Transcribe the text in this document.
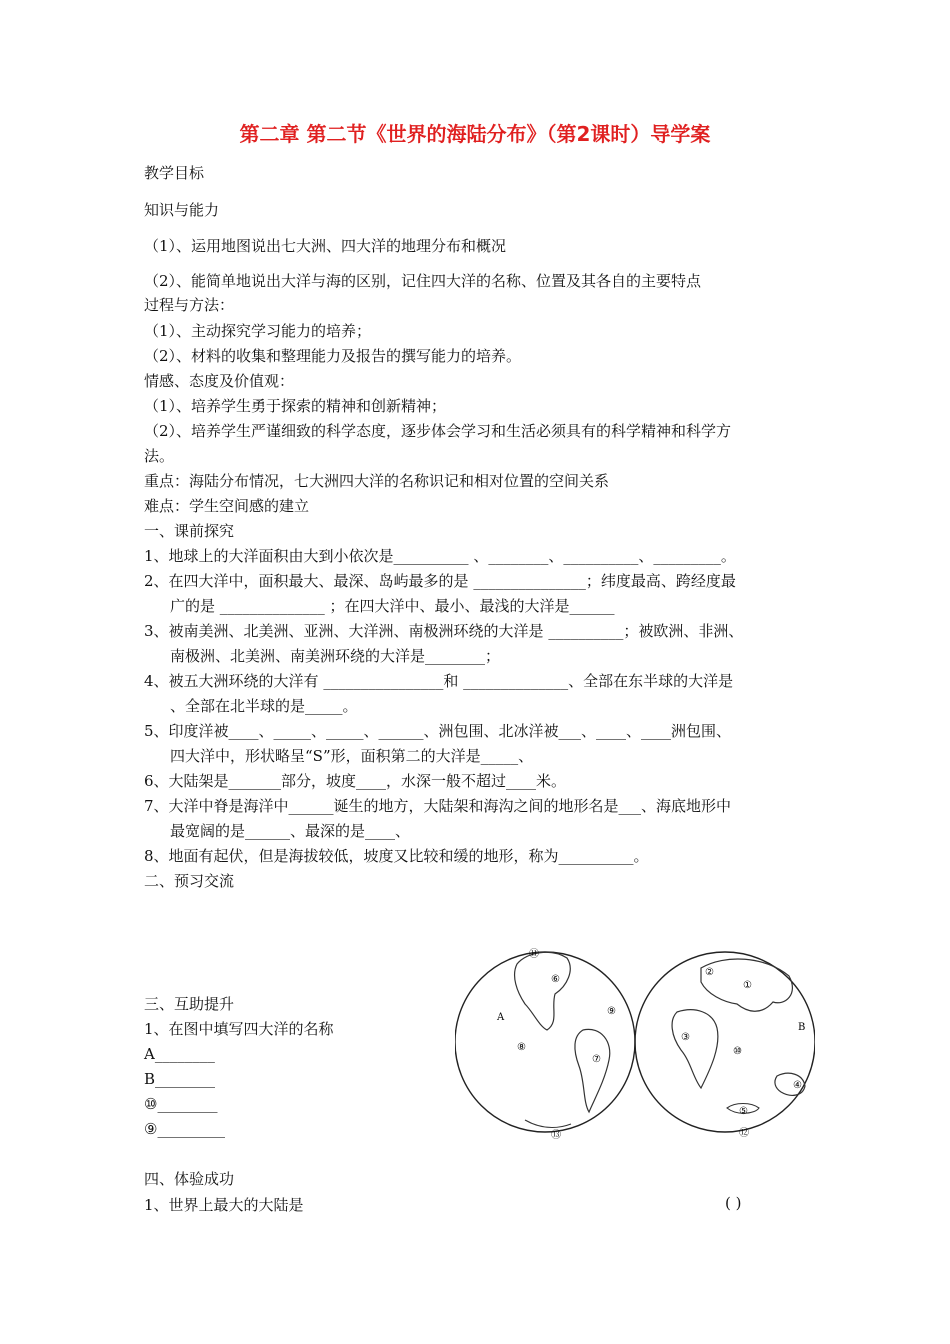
第二章 第二节《世界的海陆分布》（第2课时）导学案
教学目标
知识与能力
（1）、运用地图说出七大洲、四大洋的地理分布和概况
（2）、能简单地说出大洋与海的区别，记住四大洋的名称、位置及其各自的主要特点
过程与方法：
（1）、主动探究学习能力的培养；
（2）、材料的收集和整理能力及报告的撰写能力的培养。
情感、态度及价值观：
（1）、培养学生勇于探索的精神和创新精神；
（2）、培养学生严谨细致的科学态度，逐步体会学习和生活必须具有的科学精神和科学方
法。
重点：海陆分布情况，七大洲四大洋的名称识记和相对位置的空间关系
难点：学生空间感的建立
一、课前探究
1、地球上的大洋面积由大到小依次是__________ 、________、__________、_________。
2、在四大洋中，面积最大、最深、岛屿最多的是 _______________；纬度最高、跨经度最
广的是 ______________ ；在四大洋中、最小、最浅的大洋是______
3、被南美洲、北美洲、亚洲、大洋洲、南极洲环绕的大洋是 __________；被欧洲、非洲、
南极洲、北美洲、南美洲环绕的大洋是________；
4、被五大洲环绕的大洋有 ________________和 ______________、全部在东半球的大洋是
、全部在北半球的是_____。
5、印度洋被____、_____、_____、______、洲包围、北冰洋被___、____、____洲包围、
四大洋中，形状略呈“S”形，面积第二的大洋是_____、
6、大陆架是_______部分，坡度____，水深一般不超过____米。
7、大洋中脊是海洋中______诞生的地方，大陆架和海沟之间的地形名是___、海底地形中
最宽阔的是______、最深的是____、
8、地面有起伏，但是海拔较低，坡度又比较和缓的地形，称为__________。
二、预习交流
三、互助提升
1、在图中填写四大洋的名称
A________
B________
⑩________
⑨_________
四、体验成功
1、世界上最大的大陆是	( )
A
⑪
⑥
⑨
⑧
⑦
⑬
B
①
②
③
⑩
④
⑤
⑫
